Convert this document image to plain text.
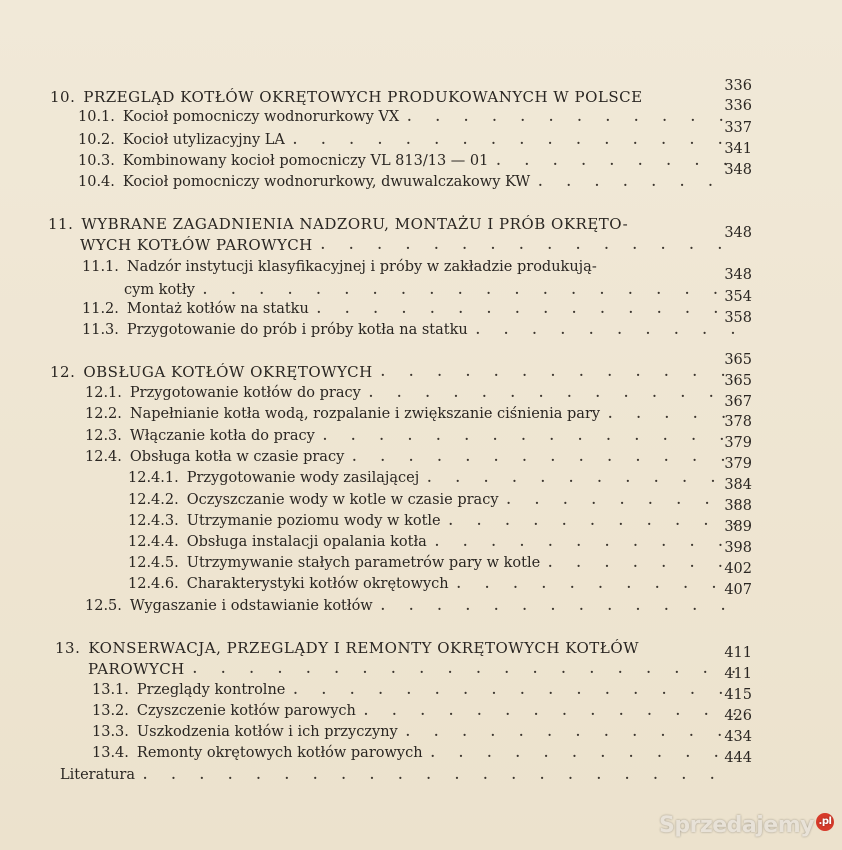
10. PRZEGLĄD KOTŁÓW OKRĘTOWYCH PRODUKOWANYCH W POLSCE
336
10.1. Kocioł pomocniczy wodnorurkowy VX
. . .
336
10.2. Kocioł utylizacyjny LA
. . .
337
10.3. Kombinowany kocioł pomocniczy VL 813/13 — 01
. . .
341
10.4. Kocioł pomocniczy wodnorurkowy, dwuwalczakowy KW
. . .
348
11. WYBRANE ZAGADNIENIA NADZORU, MONTAŻU I PRÓB OKRĘTO-
WYCH KOTŁÓW PAROWYCH
. . .
348
11.1. Nadzór instytucji klasyfikacyjnej i próby w zakładzie produkują-
cym kotły
. . .
348
11.2. Montaż kotłów na statku
. . .
354
11.3. Przygotowanie do prób i próby kotła na statku
. . .
358
12. OBSŁUGA KOTŁÓW OKRĘTOWYCH
. . .
365
12.1. Przygotowanie kotłów do pracy
. . .
365
12.2. Napełnianie kotła wodą, rozpalanie i zwiększanie ciśnienia pary
. . .
367
12.3. Włączanie kotła do pracy
. . .
378
12.4. Obsługa kotła w czasie pracy
. . .
379
12.4.1. Przygotowanie wody zasilającej
. . .
379
12.4.2. Oczyszczanie wody w kotle w czasie pracy
. . .
384
12.4.3. Utrzymanie poziomu wody w kotle
. . .
388
12.4.4. Obsługa instalacji opalania kotła
. . .
389
12.4.5. Utrzymywanie stałych parametrów pary w kotle
. . .
398
12.4.6. Charakterystyki kotłów okrętowych
. . .
402
12.5. Wygaszanie i odstawianie kotłów
. . .
407
13. KONSERWACJA, PRZEGLĄDY I REMONTY OKRĘTOWYCH KOTŁÓW
PAROWYCH
. . .
411
13.1. Przeglądy kontrolne
. . .
411
13.2. Czyszczenie kotłów parowych
. . .
415
13.3. Uszkodzenia kotłów i ich przyczyny
. . .
426
13.4. Remonty okrętowych kotłów parowych
. . .
434
Literatura
. . .
444
Sprzedajemy .pl
